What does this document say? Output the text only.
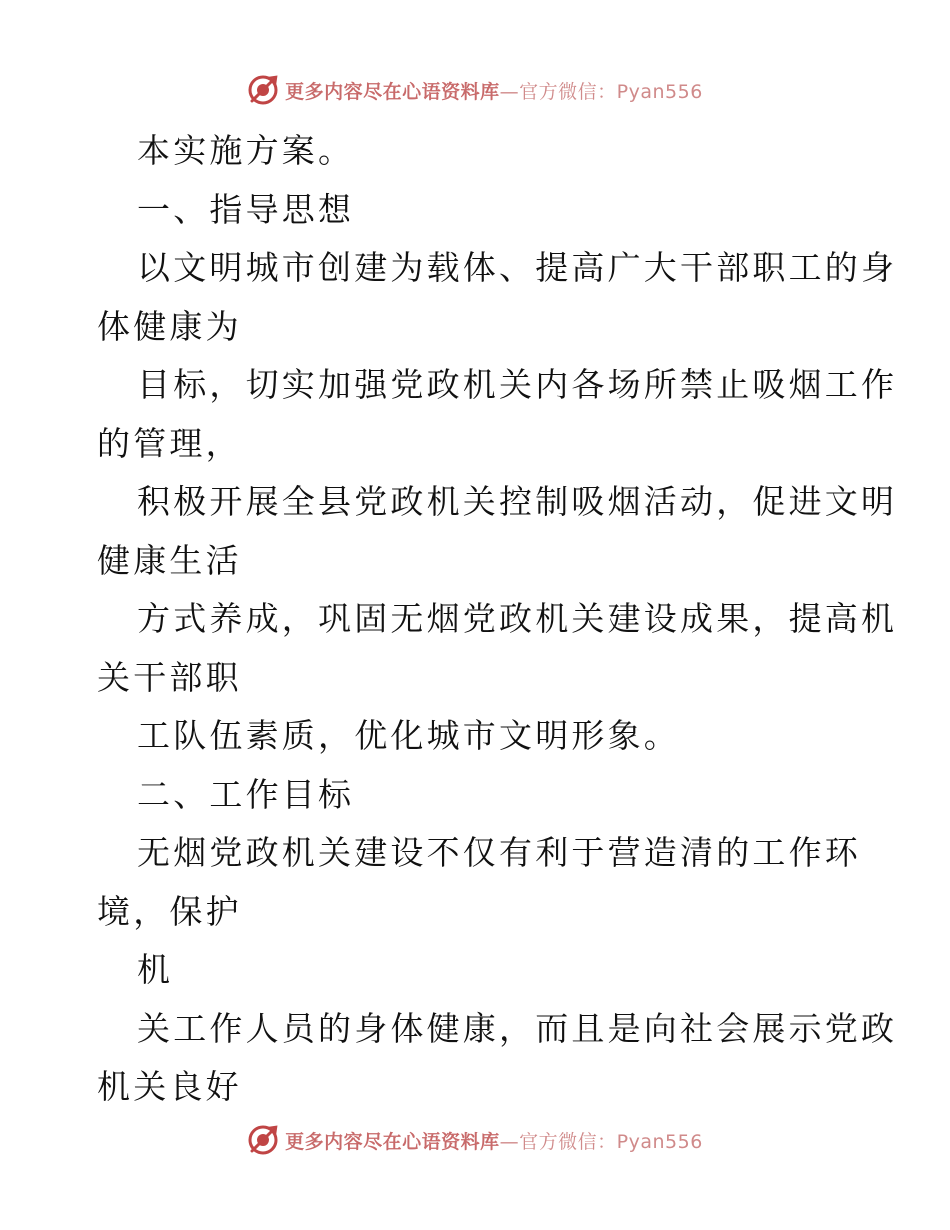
更多内容尽在心语资料库—官方微信：Pyan556
本实施方案。
一、指导思想
以文明城市创建为载体、提高广大干部职工的身
体健康为
目标，切实加强党政机关内各场所禁止吸烟工作
的管理，
积极开展全县党政机关控制吸烟活动，促进文明
健康生活
方式养成，巩固无烟党政机关建设成果，提高机
关干部职
工队伍素质，优化城市文明形象。
二、工作目标
无烟党政机关建设不仅有利于营造清的工作环
境，保护
机
关工作人员的身体健康，而且是向社会展示党政
机关良好
更多内容尽在心语资料库—官方微信：Pyan556
